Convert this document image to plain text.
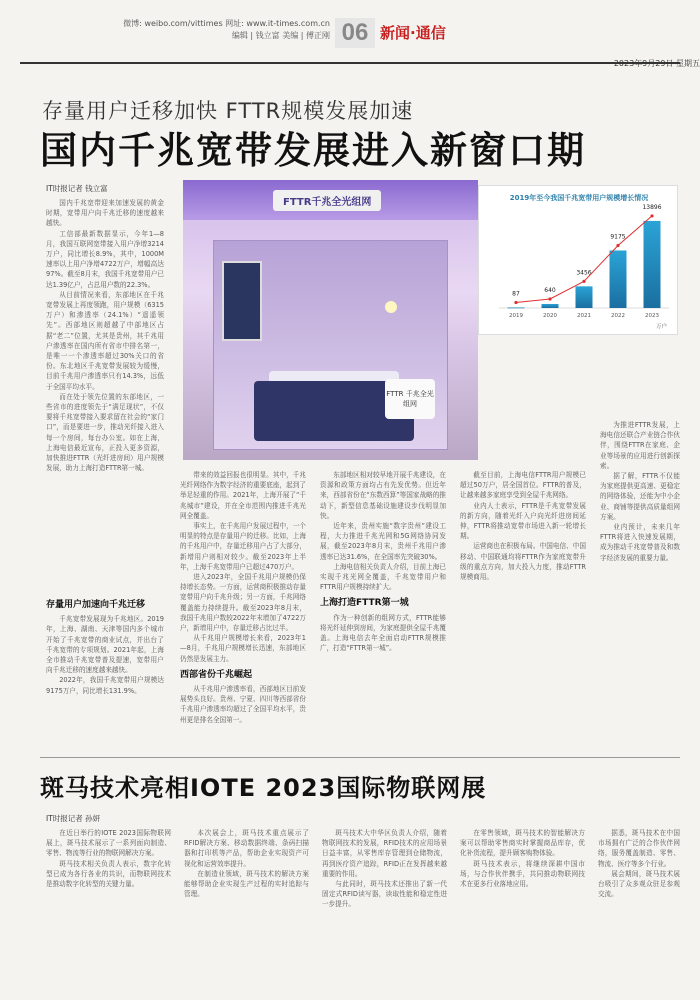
微博: weibo.com/vittimes 网址: www.it-times.com.cn
编辑 | 钱立富 美编 | 傅正刚 06 新闻·通信
2023年9月29日 星期五
存量用户迁移加快 FTTR规模发展加速
国内千兆宽带发展进入新窗口期
IT时报记者 钱立富

国内千兆宽带迎来加速发展的黄金时期，宽带用户向千兆迁移的速度越来越快。

工信部最新数据显示，今年1—8月，我国互联网宽带接入用户净增3214万户，同比增长8.9%，其中，1000M速率以上用户净增4722万户，增幅高达97%。截至8月末，我国千兆宽带用户已达1.39亿户，占总用户数的22.3%。

从目前情况来看，东部地区在千兆宽带发展上再度领跑，用户规模（6315万户）和渗透率（24.1%）“遥遥领先”。西部地区则超越了中部地区占据“老二”位置，尤其是贵州，其千兆用户渗透率在国内所有省市中排名第一，是唯一一个渗透率超过30%关口的省份。东北地区千兆宽带发展较为缓慢，目前千兆用户渗透率只有14.3%，远低于全国平均水平。

而在处于领先位置的东部地区，一些省市的进度领先于“满足现状”，不仅要将千兆宽带接入要求留在社会的“家门口”，而是要进一步，推动光纤接入进入每一个房间，每台办公室。如在上海，上海电信最近宣布，正投入更多资源，加快推进FTTR（光纤进房间）用户规模发展，助力上海打造FTTR第一城。

存量用户加速向千兆迁移

千兆宽带发展现为千兆地区。2019年，上海、湖南、天津等国内多个城市开始了千兆宽带的商业试点，并出台了千兆宽带的专项规划。2021年起，上海全市推动千兆宽带普及提速，宽带用户向千兆迁移的速度越来越快。

2022年，我国千兆宽带用户规模达9175万户，同比增长131.9%。

FTTR千兆全光组网
FTTR 千兆全光组网
87
2019
640
2020
3456
2021
9175
2022
13896
2023
万户
2019年至今我国千兆宽带用户规模增长情况

带来的效益回报也很明显。其中，千兆光纤网络作为数字经济的重要底座，起到了举足轻重的作用。2021年，上海开展了“千兆城市”建设，并在全市范围内推进千兆光网全覆盖。

事实上，在千兆用户发展过程中，一个明显的特点是存量用户的迁移。比如，上海的千兆用户中，存量迁移用户占了大部分，新增用户则相对较少。截至2023年上半年，上海千兆宽带用户已超过470万户。

进入2023年，全国千兆用户规模仍保持增长态势。一方面，运营商积极推动存量宽带用户向千兆升级；另一方面，千兆网络覆盖能力持续提升。截至2023年8月末，我国千兆用户数较2022年末增加了4722万户，新增用户中，存量迁移占比过半。

从千兆用户规模增长来看，2023年1—8月，千兆用户规模增长迅速，东部地区仍然是发展主力。

西部省份千兆崛起

从千兆用户渗透率看，西部地区目前发展势头良好。贵州、宁夏、四川等西部省份千兆用户渗透率均超过了全国平均水平，贵州更是排名全国第一。

东部地区相对较早地开展千兆建设，在资源和政策方面均占有先发优势。但近年来，西部省份在“东数西算”等国家战略的推动下，新型信息基础设施建设步伐明显加快。

近年来，贵州实施“数字贵州”建设工程，大力推进千兆光网和5G网络协同发展，截至2023年8月末，贵州千兆用户渗透率已达31.6%，在全国率先突破30%。

上海电信相关负责人介绍，目前上海已实现千兆光网全覆盖，千兆宽带用户和FTTR用户规模持续扩大。

上海打造FTTR第一城

作为一种创新的组网方式，FTTR能够将光纤延伸到房间，为家庭提供全屋千兆覆盖。上海电信去年全面启动FTTR规模推广，打造“FTTR第一城”。

截至目前，上海电信FTTR用户规模已超过50万户，居全国首位。FTTR的普及，让越来越多家庭享受到全屋千兆网络。

业内人士表示，FTTR是千兆宽带发展的新方向，随着光纤入户向光纤进房间延伸，FTTR将推动宽带市场进入新一轮增长期。

运营商也在积极布局。中国电信、中国移动、中国联通均将FTTR作为家庭宽带升级的重点方向，加大投入力度，推动FTTR规模商用。

为推进FTTR发展，上海电信还联合产业链合作伙伴，围绕FTTR在家庭、企业等场景的应用进行创新探索。

据了解，FTTR不仅能为家庭提供更高速、更稳定的网络体验，还能为中小企业、商铺等提供高质量组网方案。

业内预计，未来几年FTTR将进入快速发展期，成为推动千兆宽带普及和数字经济发展的重要力量。

斑马技术亮相IOTE 2023国际物联网展
IT时报记者 孙妍

在近日举行的IOTE 2023国际物联网展上，斑马技术展示了一系列面向制造、零售、物流等行业的物联网解决方案。

斑马技术相关负责人表示，数字化转型已成为各行各业的共识，而物联网技术是推动数字化转型的关键力量。

本次展会上，斑马技术重点展示了RFID解决方案、移动数据终端、条码扫描器和打印机等产品，帮助企业实现资产可视化和运营效率提升。

在制造业领域，斑马技术的解决方案能够帮助企业实现生产过程的实时追踪与管理。

斑马技术大中华区负责人介绍，随着物联网技术的发展，RFID技术的应用场景日益丰富，从零售库存管理到仓储物流，再到医疗资产追踪，RFID正在发挥越来越重要的作用。

与此同时，斑马技术还推出了新一代固定式RFID读写器，读取性能和稳定性进一步提升。

在零售领域，斑马技术的智能解决方案可以帮助零售商实时掌握商品库存，优化补货流程，提升顾客购物体验。

斑马技术表示，将继续深耕中国市场，与合作伙伴携手，共同推动物联网技术在更多行业落地应用。

据悉，斑马技术在中国市场拥有广泛的合作伙伴网络，服务覆盖制造、零售、物流、医疗等多个行业。

展会期间，斑马技术展台吸引了众多观众驻足参观交流。
